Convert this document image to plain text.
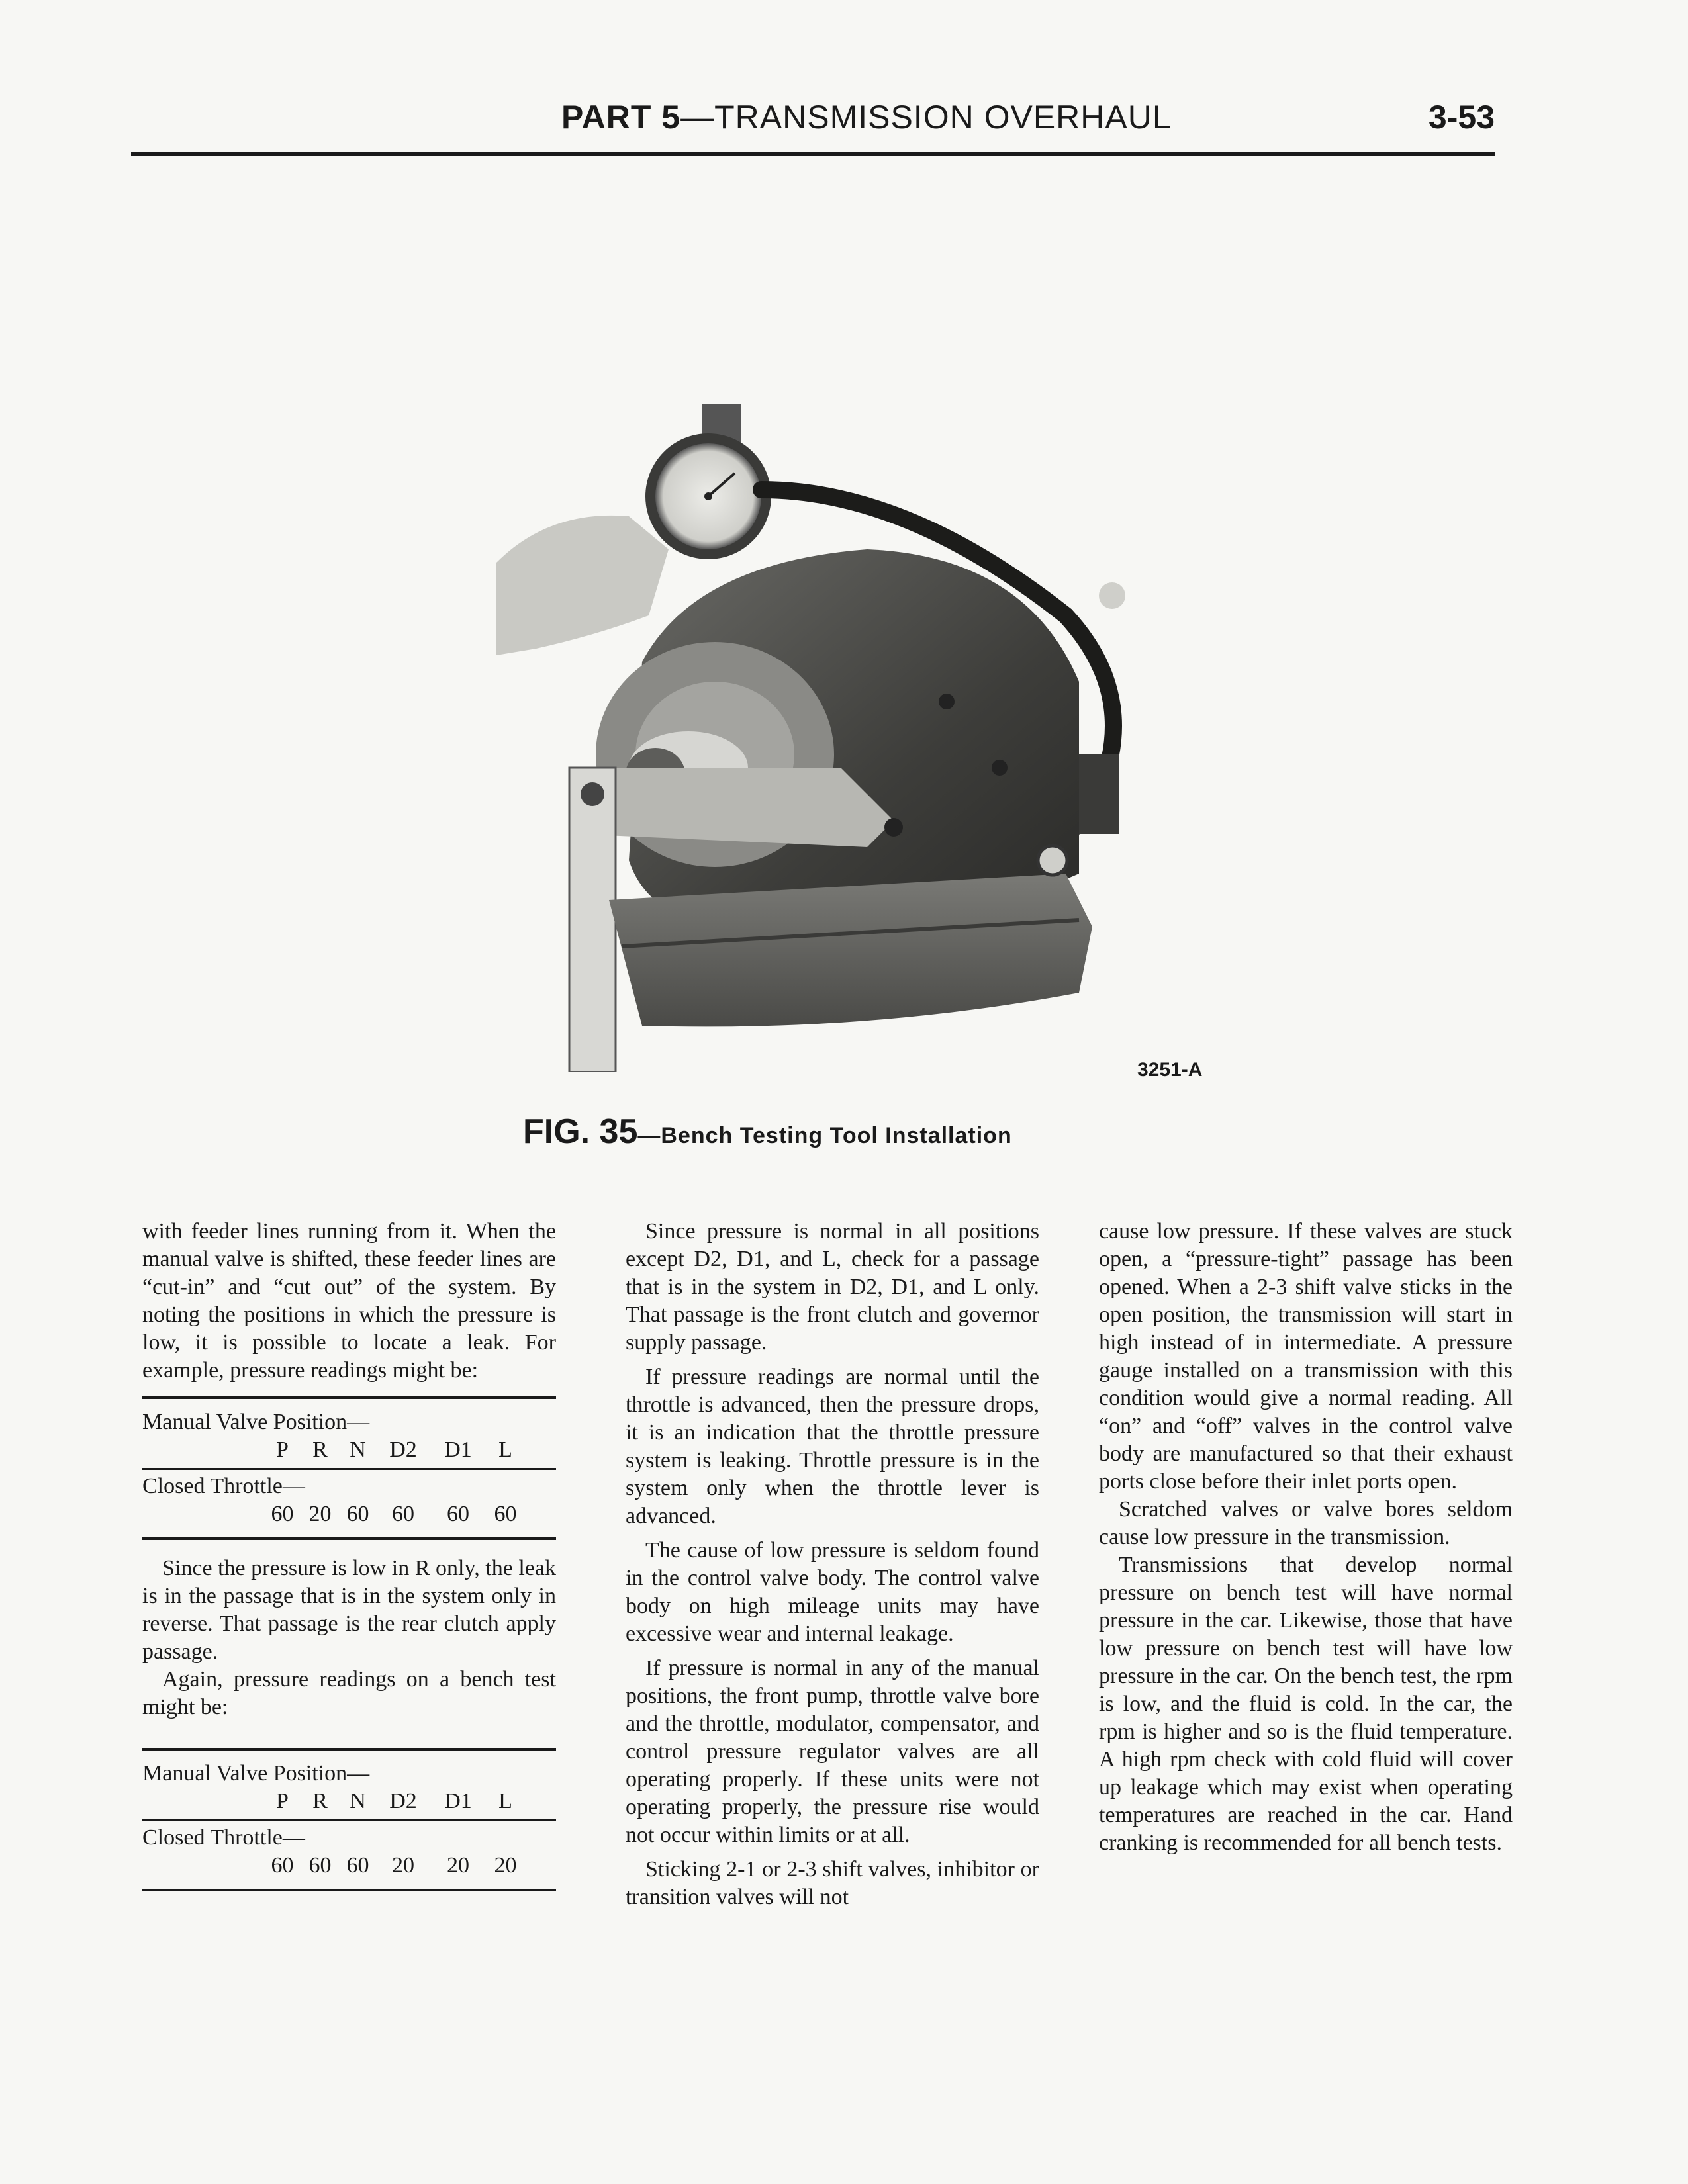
PART 5—TRANSMISSION OVERHAUL	3-53
3251-A
FIG. 35—Bench Testing Tool Installation

with feeder lines running from it. When the manual valve is shifted, these feeder lines are “cut-in” and “cut out” of the system. By noting the positions in which the pressure is low, it is possible to locate a leak. For example, pressure readings might be:

Manual Valve Position—
P	R N	D2	D1	L
Closed Throttle—
60 20 60	60	60	60

Since the pressure is low in R only, the leak is in the passage that is in the system only in reverse. That passage is the rear clutch apply passage.

Again, pressure readings on a bench test might be:

Manual Valve Position—
P	R N	D2	D1	L
Closed Throttle—
60 60 60	20	20	20

Since pressure is normal in all positions except D2, D1, and L, check for a passage that is in the system in D2, D1, and L only. That passage is the front clutch and governor supply passage.

If pressure readings are normal until the throttle is advanced, then the pressure drops, it is an indication that the throttle pressure system is leaking. Throttle pressure is in the system only when the throttle lever is advanced.

The cause of low pressure is seldom found in the control valve body. The control valve body on high mileage units may have excessive wear and internal leakage.

If pressure is normal in any of the manual positions, the front pump, throttle valve bore and the throttle, modulator, compensator, and control pressure regulator valves are all operating properly. If these units were not operating properly, the pressure rise would not occur within limits or at all.

Sticking 2-1 or 2-3 shift valves, inhibitor or transition valves will not

cause low pressure. If these valves are stuck open, a “pressure-tight” passage has been opened. When a 2-3 shift valve sticks in the open position, the transmission will start in high instead of in intermediate. A pressure gauge installed on a transmission with this condition would give a normal reading. All “on” and “off” valves in the control valve body are manufactured so that their exhaust ports close before their inlet ports open.

Scratched valves or valve bores seldom cause low pressure in the transmission.

Transmissions that develop normal pressure on bench test will have normal pressure in the car. Likewise, those that have low pressure on bench test will have low pressure in the car. On the bench test, the rpm is low, and the fluid is cold. In the car, the rpm is higher and so is the fluid temperature. A high rpm check with cold fluid will cover up leakage which may exist when operating temperatures are reached in the car. Hand cranking is recommended for all bench tests.
